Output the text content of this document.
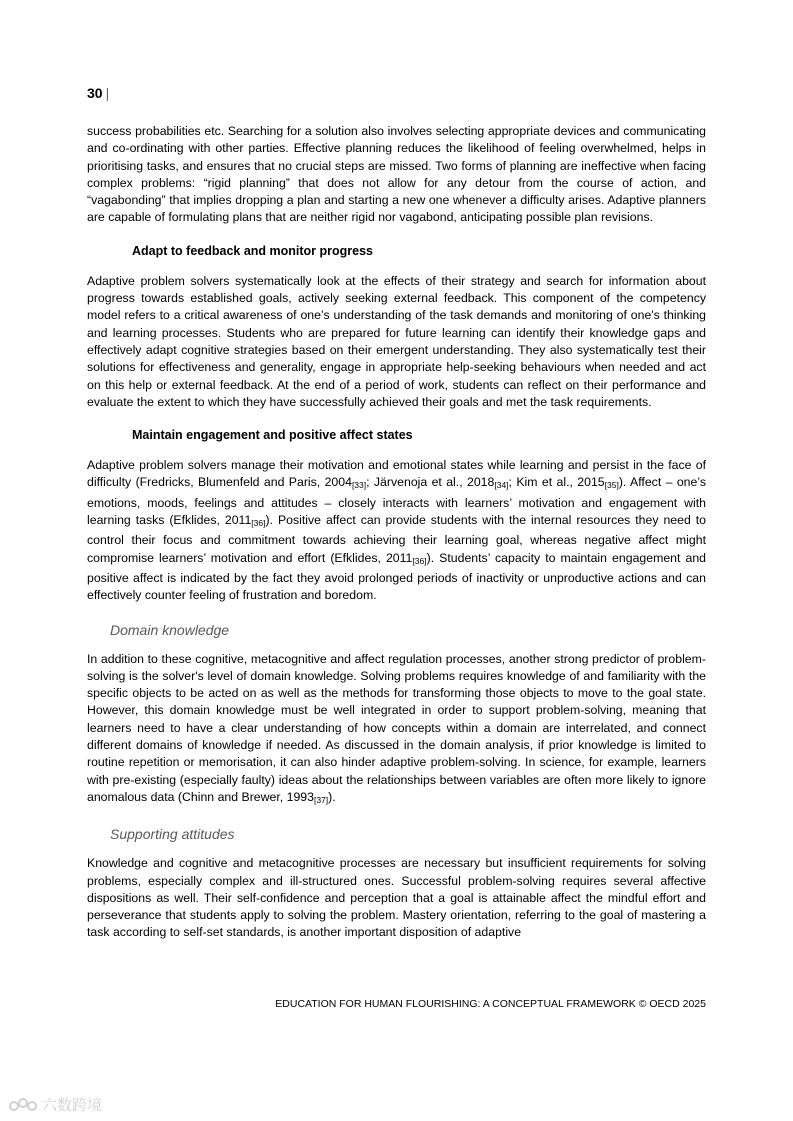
30 |

success probabilities etc. Searching for a solution also involves selecting appropriate devices and communicating and co-ordinating with other parties. Effective planning reduces the likelihood of feeling overwhelmed, helps in prioritising tasks, and ensures that no crucial steps are missed. Two forms of planning are ineffective when facing complex problems: “rigid planning” that does not allow for any detour from the course of action, and “vagabonding” that implies dropping a plan and starting a new one whenever a difficulty arises. Adaptive planners are capable of formulating plans that are neither rigid nor vagabond, anticipating possible plan revisions.

Adapt to feedback and monitor progress

Adaptive problem solvers systematically look at the effects of their strategy and search for information about progress towards established goals, actively seeking external feedback. This component of the competency model refers to a critical awareness of one’s understanding of the task demands and monitoring of one's thinking and learning processes. Students who are prepared for future learning can identify their knowledge gaps and effectively adapt cognitive strategies based on their emergent understanding. They also systematically test their solutions for effectiveness and generality, engage in appropriate help-seeking behaviours when needed and act on this help or external feedback. At the end of a period of work, students can reflect on their performance and evaluate the extent to which they have successfully achieved their goals and met the task requirements.

Maintain engagement and positive affect states

Adaptive problem solvers manage their motivation and emotional states while learning and persist in the face of difficulty (Fredricks, Blumenfeld and Paris, 2004[33]; Järvenoja et al., 2018[34]; Kim et al., 2015[35]). Affect – one’s emotions, moods, feelings and attitudes – closely interacts with learners’ motivation and engagement with learning tasks (Efklides, 2011[36]). Positive affect can provide students with the internal resources they need to control their focus and commitment towards achieving their learning goal, whereas negative affect might compromise learners’ motivation and effort (Efklides, 2011[36]). Students’ capacity to maintain engagement and positive affect is indicated by the fact they avoid prolonged periods of inactivity or unproductive actions and can effectively counter feeling of frustration and boredom.

Domain knowledge

In addition to these cognitive, metacognitive and affect regulation processes, another strong predictor of problem-solving is the solver's level of domain knowledge. Solving problems requires knowledge of and familiarity with the specific objects to be acted on as well as the methods for transforming those objects to move to the goal state. However, this domain knowledge must be well integrated in order to support problem-solving, meaning that learners need to have a clear understanding of how concepts within a domain are interrelated, and connect different domains of knowledge if needed. As discussed in the domain analysis, if prior knowledge is limited to routine repetition or memorisation, it can also hinder adaptive problem-solving. In science, for example, learners with pre-existing (especially faulty) ideas about the relationships between variables are often more likely to ignore anomalous data (Chinn and Brewer, 1993[37]).

Supporting attitudes

Knowledge and cognitive and metacognitive processes are necessary but insufficient requirements for solving problems, especially complex and ill-structured ones. Successful problem-solving requires several affective dispositions as well. Their self-confidence and perception that a goal is attainable affect the mindful effort and perseverance that students apply to solving the problem. Mastery orientation, referring to the goal of mastering a task according to self-set standards, is another important disposition of adaptive

EDUCATION FOR HUMAN FLOURISHING: A CONCEPTUAL FRAMEWORK © OECD 2025
六数跨境
